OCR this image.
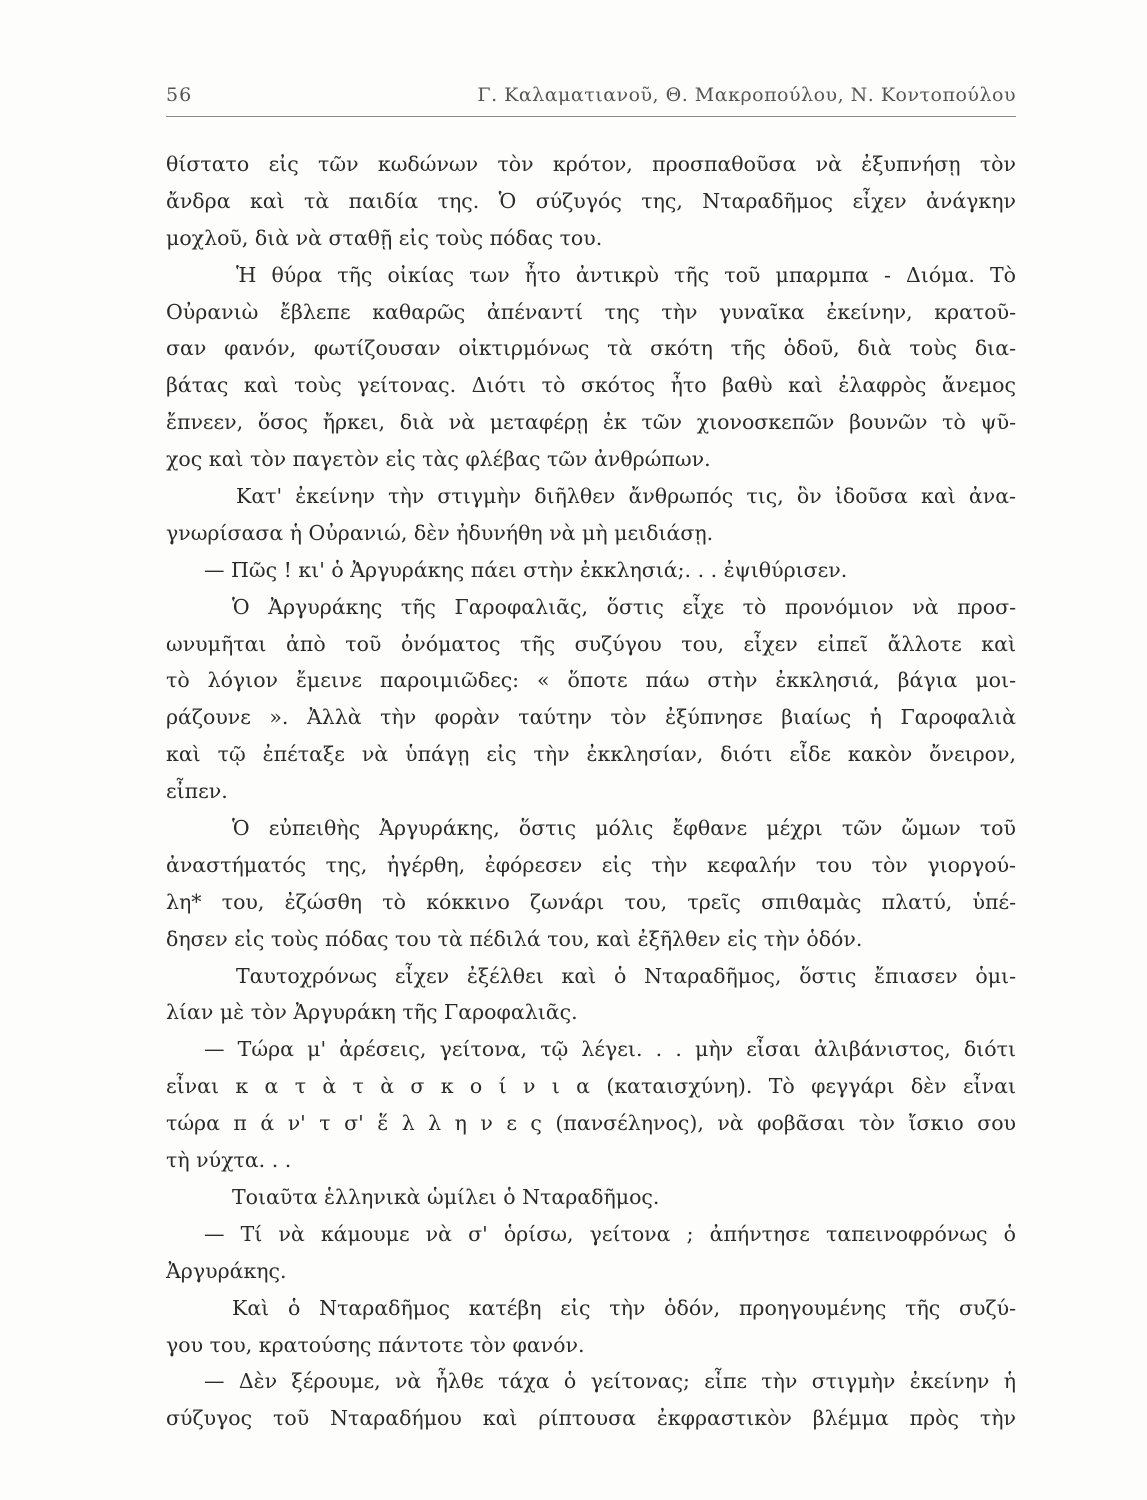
56	Γ. Καλαματιανοῦ, Θ. Μακροπούλου, Ν. Κοντοπούλου
θίστατο εἰς τῶν κωδώνων τὸν κρότον, προσπαθοῦσα νὰ ἐξυπνήσῃ τὸν
ἄνδρα καὶ τὰ παιδία της. Ὁ σύζυγός της, Νταραδῆμος εἶχεν ἀνάγκην
μοχλοῦ, διὰ νὰ σταθῇ εἰς τοὺς πόδας του.
Ἡ θύρα τῆς οἰκίας των ἦτο ἀντικρὺ τῆς τοῦ μπαρμπα - Διόμα. Τὸ
Οὐρανιὼ ἔβλεπε καθαρῶς ἀπέναντί της τὴν γυναῖκα ἐκείνην, κρατοῦ-
σαν φανόν, φωτίζουσαν οἰκτιρμόνως τὰ σκότη τῆς ὁδοῦ, διὰ τοὺς δια-
βάτας καὶ τοὺς γείτονας. Διότι τὸ σκότος ἦτο βαθὺ καὶ ἐλαφρὸς ἄνεμος
ἔπνεεν, ὅσος ἤρκει, διὰ νὰ μεταφέρῃ ἐκ τῶν χιονοσκεπῶν βουνῶν τὸ ψῦ-
χος καὶ τὸν παγετὸν εἰς τὰς φλέβας τῶν ἀνθρώπων.
Κατ' ἐκείνην τὴν στιγμὴν διῆλθεν ἄνθρωπός τις, ὃν ἰδοῦσα καὶ ἀνα-
γνωρίσασα ἡ Οὐρανιώ, δὲν ἠδυνήθη νὰ μὴ μειδιάσῃ.
— Πῶς ! κι' ὁ Ἀργυράκης πάει στὴν ἐκκλησιά;. . . ἐψιθύρισεν.
Ὁ Ἀργυράκης τῆς Γαροφαλιᾶς, ὅστις εἶχε τὸ προνόμιον νὰ προσ-
ωνυμῆται ἀπὸ τοῦ ὀνόματος τῆς συζύγου του, εἶχεν εἰπεῖ ἄλλοτε καὶ
τὸ λόγιον ἔμεινε παροιμιῶδες: « ὅποτε πάω στὴν ἐκκλησιά, βάγια μοι-
ράζουνε ». Ἀλλὰ τὴν φορὰν ταύτην τὸν ἐξύπνησε βιαίως ἡ Γαροφαλιὰ
καὶ τῷ ἐπέταξε νὰ ὑπάγῃ εἰς τὴν ἐκκλησίαν, διότι εἶδε κακὸν ὄνειρον,
εἶπεν.
Ὁ εὐπειθὴς Ἀργυράκης, ὅστις μόλις ἔφθανε μέχρι τῶν ὤμων τοῦ
ἀναστήματός της, ἠγέρθη, ἐφόρεσεν εἰς τὴν κεφαλήν του τὸν γιοργού-
λη* του, ἐζώσθη τὸ κόκκινο ζωνάρι του, τρεῖς σπιθαμὰς πλατύ, ὑπέ-
δησεν εἰς τοὺς πόδας του τὰ πέδιλά του, καὶ ἐξῆλθεν εἰς τὴν ὁδόν.
Ταυτοχρόνως εἶχεν ἐξέλθει καὶ ὁ Νταραδῆμος, ὅστις ἔπιασεν ὁμι-
λίαν μὲ τὸν Ἀργυράκη τῆς Γαροφαλιᾶς.
— Τώρα μ' ἀρέσεις, γείτονα, τῷ λέγει. . . μὴν εἶσαι ἀλιβάνιστος, διότι
εἶναι κ α τ ὰ τ ὰ σ κ ο ί ν ι α (καταισχύνη). Τὸ φεγγάρι δὲν εἶναι
τώρα π ά ν' τ σ' ἕ λ λ η ν ε ς (πανσέληνος), νὰ φοβᾶσαι τὸν ἴσκιο σου
τὴ νύχτα. . .
Τοιαῦτα ἑλληνικὰ ὡμίλει ὁ Νταραδῆμος.
— Τί νὰ κάμουμε νὰ σ' ὁρίσω, γείτονα ; ἀπήντησε ταπεινοφρόνως ὁ
Ἀργυράκης.
Καὶ ὁ Νταραδῆμος κατέβη εἰς τὴν ὁδόν, προηγουμένης τῆς συζύ-
γου του, κρατούσης πάντοτε τὸν φανόν.
— Δὲν ξέρουμε, νὰ ἦλθε τάχα ὁ γείτονας; εἶπε τὴν στιγμὴν ἐκείνην ἡ
σύζυγος τοῦ Νταραδήμου καὶ ρίπτουσα ἐκφραστικὸν βλέμμα πρὸς τὴν
